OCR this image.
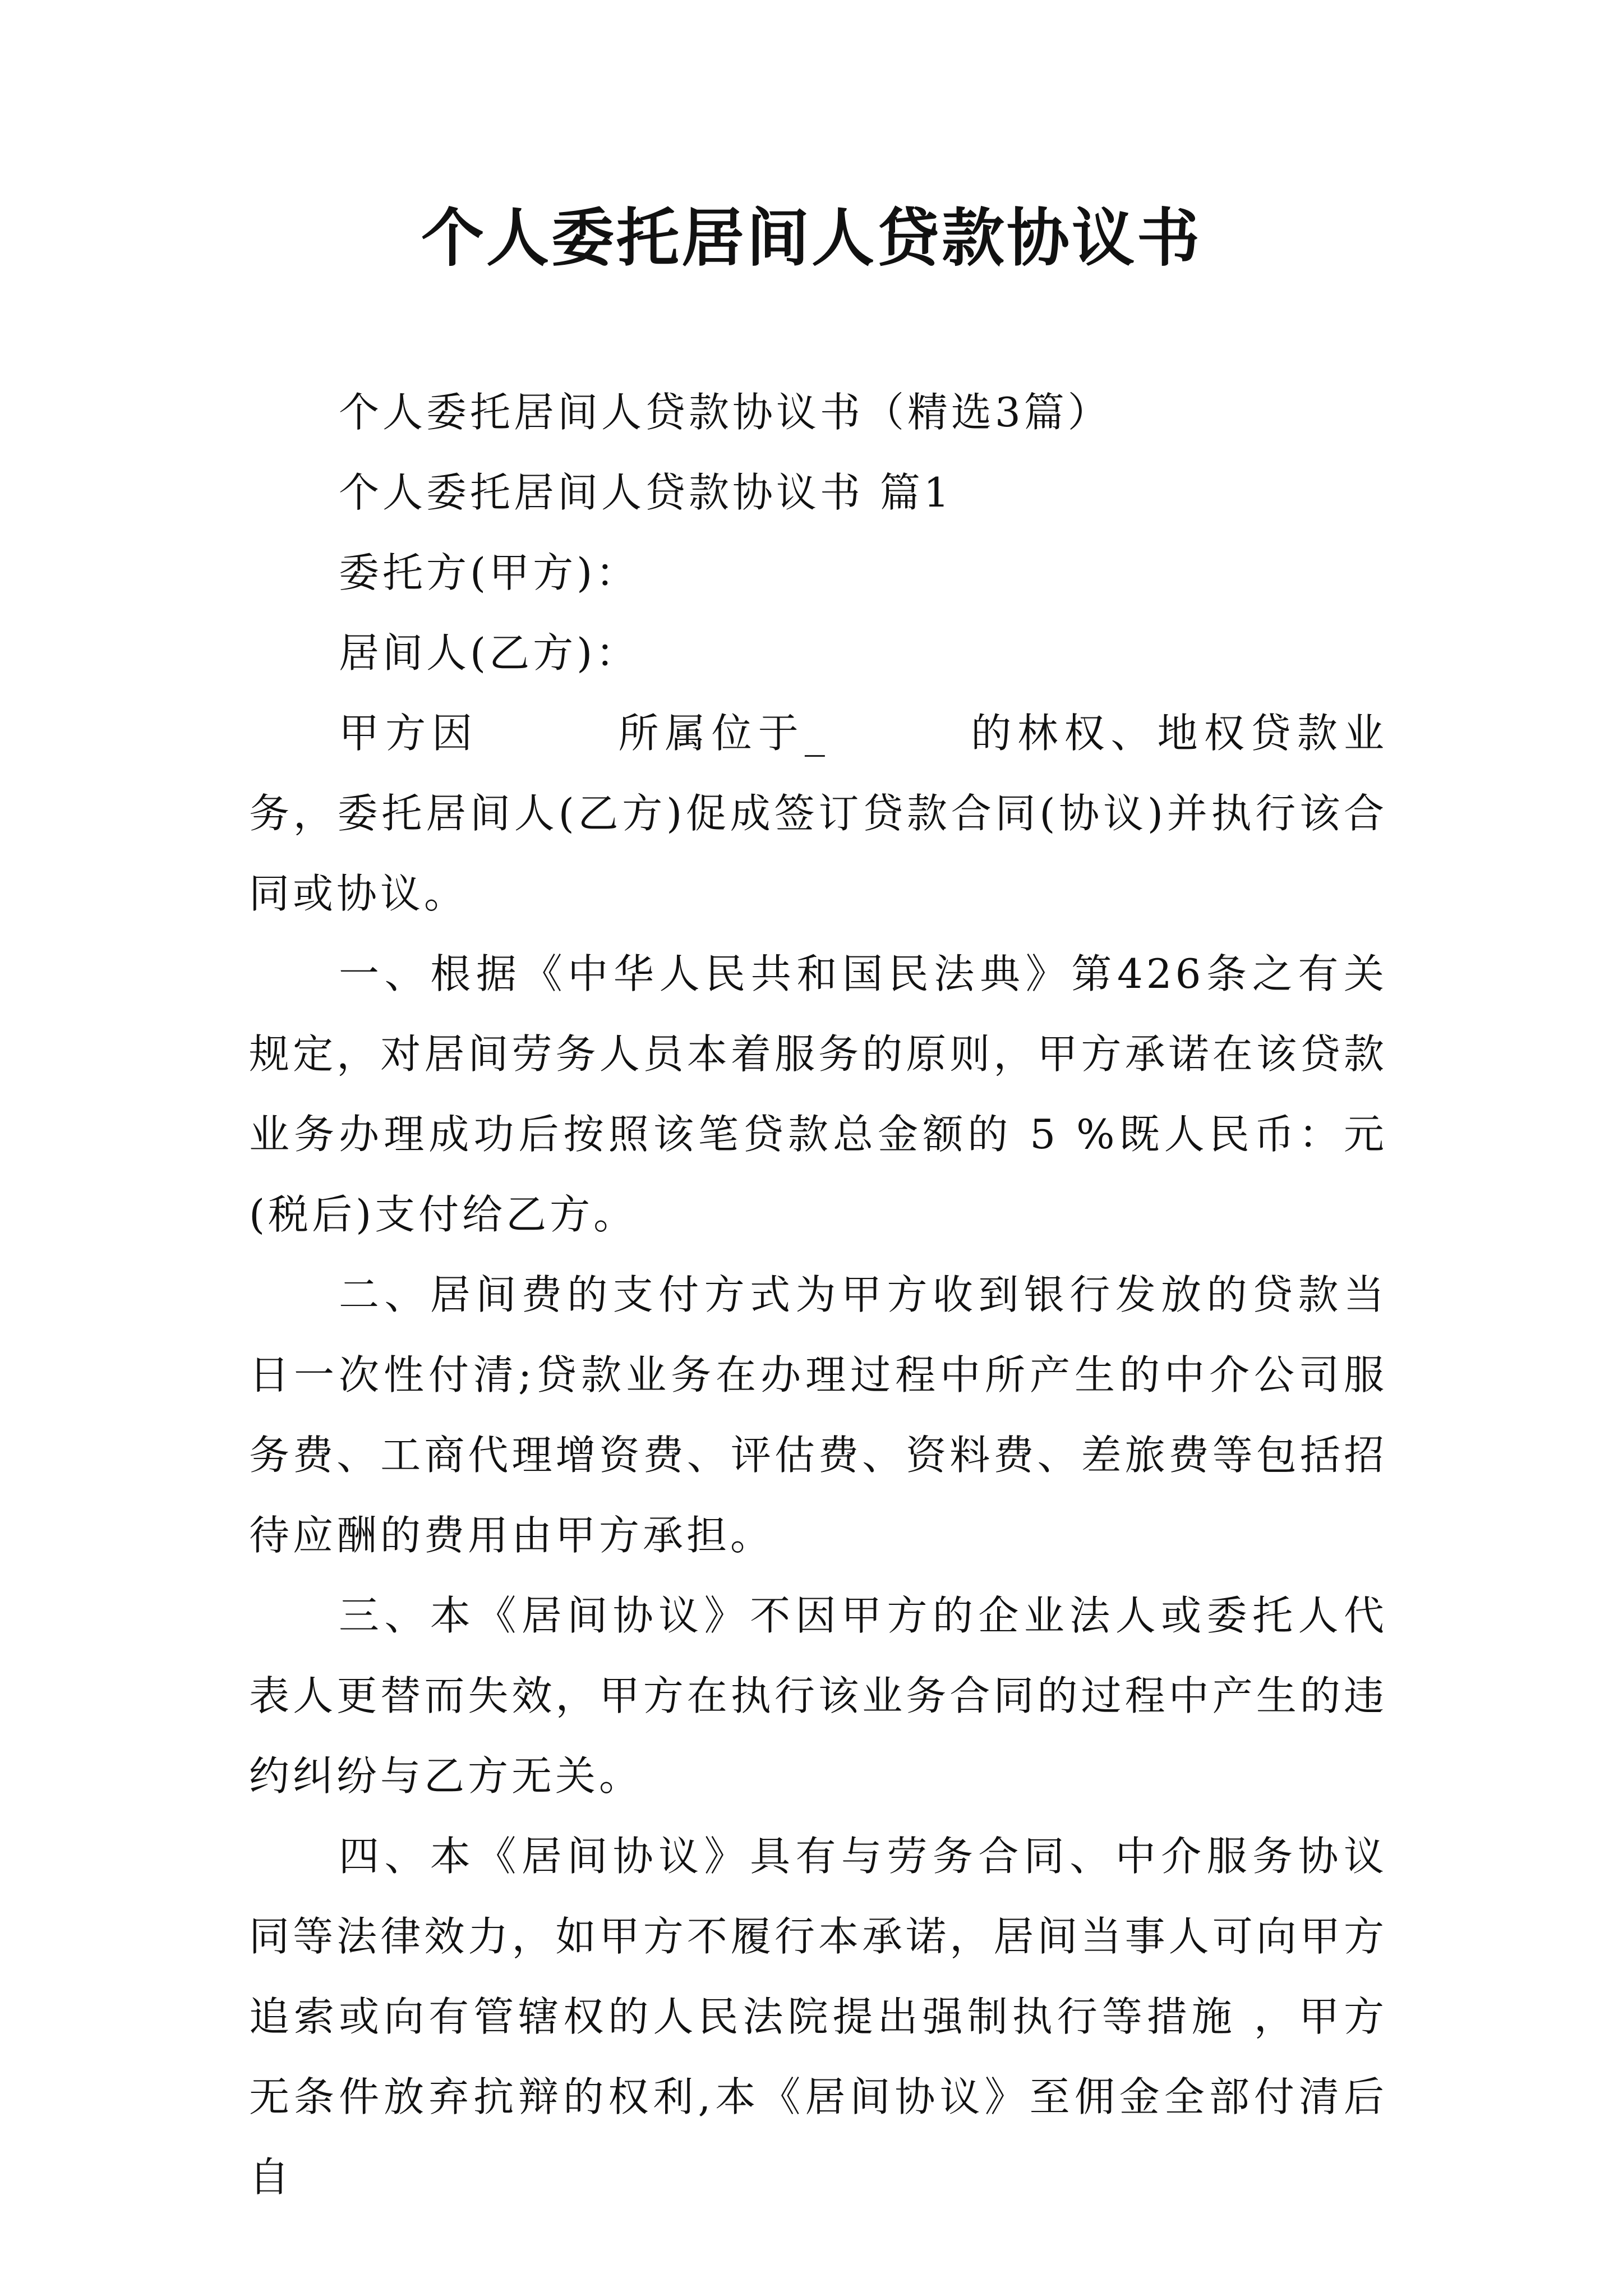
个人委托居间人贷款协议书

个人委托居间人贷款协议书（精选3篇）

个人委托居间人贷款协议书 篇1

委托方(甲方)：

居间人(乙方)：

甲方因　　　所属位于_　　　的林权、地权贷款业务，委托居间人(乙方)促成签订贷款合同(协议)并执行该合同或协议。

一、根据《中华人民共和国民法典》第426条之有关规定，对居间劳务人员本着服务的原则，甲方承诺在该贷款业务办理成功后按照该笔贷款总金额的 5 %既人民币：元(税后)支付给乙方。

二、居间费的支付方式为甲方收到银行发放的贷款当日一次性付清;贷款业务在办理过程中所产生的中介公司服务费、工商代理增资费、评估费、资料费、差旅费等包括招待应酬的费用由甲方承担。

三、本《居间协议》不因甲方的企业法人或委托人代表人更替而失效，甲方在执行该业务合同的过程中产生的违约纠纷与乙方无关。

四、本《居间协议》具有与劳务合同、中介服务协议同等法律效力，如甲方不履行本承诺，居间当事人可向甲方追索或向有管辖权的人民法院提出强制执行等措施 ，甲方无条件放弃抗辩的权利,本《居间协议》至佣金全部付清后自
